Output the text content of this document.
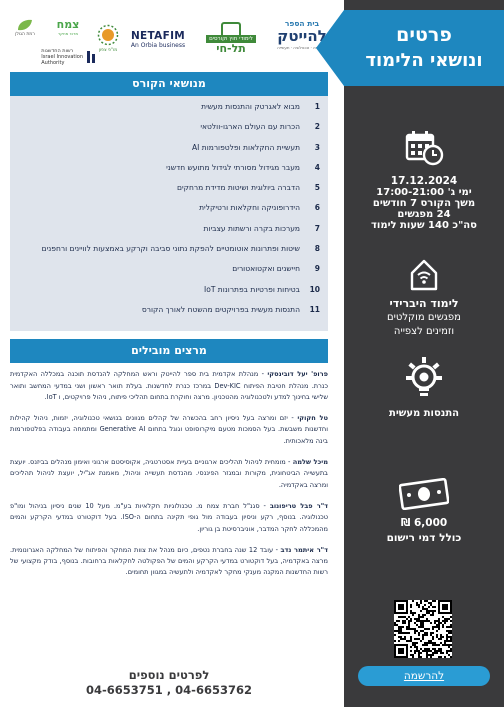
בית הספר
להייטק
אקדמיה · טכנולוגיה · תעשייה
לימודי חוץ וקורסים
תל-חי
NETAFIM
An Orbia business
מו"פ צפון
צמח
מרכז מחקר
רמת הגולן
רשות החדשנות
Israel Innovation
Authority
פרטים
ונושאי הלימוד
17.12.2024
ימי ג' 17:00-21:00
משך הקורס 7 חודשים
24 מפגשים
סה"כ 140 שעות לימוד
לימוד היברידי
מפגשים מוקלטים
וזמינים לצפייה
התנסות מעשית
6,000 ₪
כולל דמי רישום
להרשמה
מנושאי הקורס
1
מבוא לאגרטק והתנסות מעשית
2
הכרות עם העולם הארגו-וולטאי
3
תעשיית החקלאות ופלטפורמות AI
4
מעבר מגידול מסורתי לגידול מתועש חדשני
5
הדברה ביולוגית ושיטות מדידת מרחקים
6
הידרופוניקה וחקלאות ורטיקלית
7
מערכות בקרה ורשתות עצביות
8
שיטות ופתרונות אוטומטיים להפקת נתוני סביבה וקרקע באמצעות לוויינים ורחפנים
9
חיישנים ואקטואטורים
10
בטיחות ופרטיות בפתרונות IoT
11
התנסות מעשית בפרויקטים מהשטח לאורך הקורס
מרצים מובילים
פרופ' יעל דובינסקי - מנהלת אקדמית בית ספר להייטק וראש המחלקה להנדסת תוכנה במכללה האקדמית כנרת. מנהלת חטיבת הפיתוח Dev-KIC במרכז כנרת לחדשנות. בעלת תואר ראשון ושני במדעי המחשב ותואר שלישי בחינוך למדע ולטכנולוגיה מהטכניון. מרצה וחוקרת בתחום תהליכי פיתוח, ניהול פרויקטים, ו IoT.
טל חקוקי - יזם ומרצה בעל ניסיון רחב בהכשרה של קהלים מגוונים בנושאי טכנולוגיה, יזמות, ניהול קהילות וחדשנות משבשת. בעל הסמכות מטעם מיקרוסופט וגוגל בתחום Generative AI ומתמחה בעבודה בפלטפורמות בינה מלאכותית.
מיכל שלמה - מומחית לניהול תהליכים ארגוניים בעיית אסטרטגיה, אקוסיסטם ארגוני ואימון מנהלים בביזנס. יועצת בתעשייה הביטחונית, מקורות ובמגזר הפיננסי. מהנדסת תעשייה וניהול, מאמנת אג"יל, יועצת לניהול תהליכים ומרצה באקדמיה.
ד"ר פבל טריפונוב - סגנ"ל חברת צמח מ. טכנולוגיות חקלאיות בע"מ. מעל 10 שנים ניסיון בניהול ומו"פ טכנולוגיה. בנוסף, רקע וניסיון בעבודה מול גופי תקינה בתחום ה-ISO. בעל דוקטורט במדעי הקרקע והמים מהמכללה לחקר המדבר, אוניברסיטת בן גוריון.
ד"ר איתמר נדב - עובד 12 שנה בחברת נטפים, כיום מנהל את צוות המחקר והפיתוח של המחלקה האגרונומית. מרצה באקדמיה, בעל דוקטורט במדעי הקרקע והמים של הפקולטה לחקלאות ברחובות. בנוסף, בודק מקצועי של רשות החדשנות המקנה מענקי מחקר לאקדמיה ולתעשיה במגוון תחומים.
לפרטים נוספים
04-6653751 , 04-6653762
